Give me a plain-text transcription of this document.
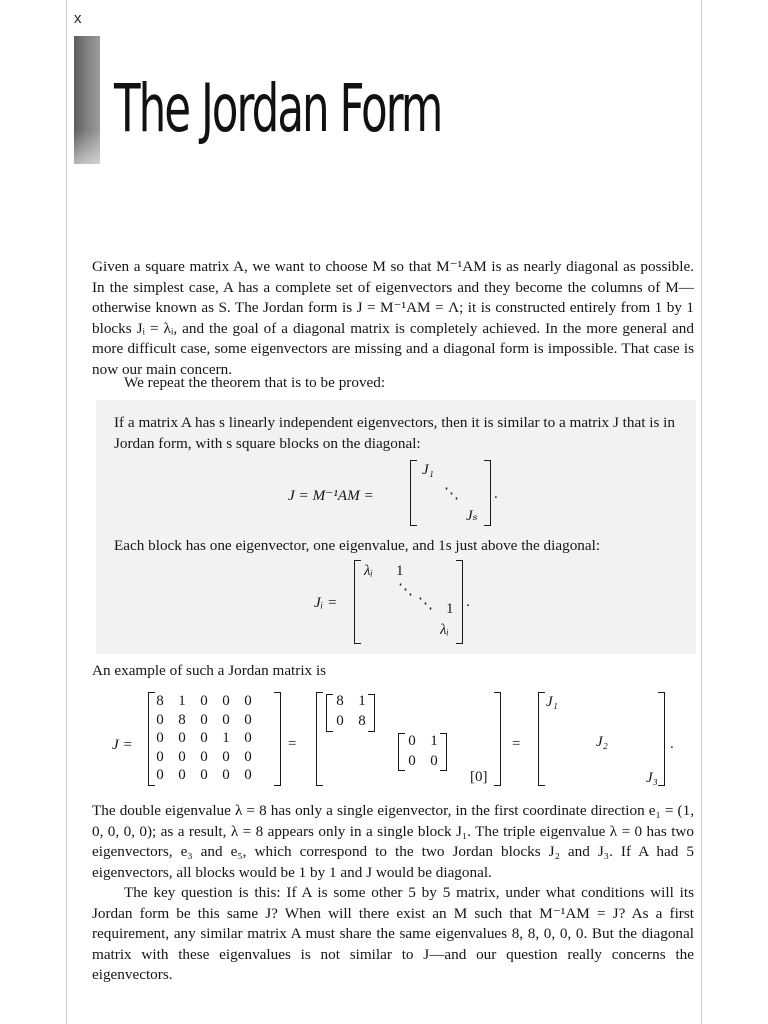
x
The Jordan Form

Given a square matrix A, we want to choose M so that M⁻¹AM is as nearly diagonal as possible. In the simplest case, A has a complete set of eigenvectors and they become the columns of M—otherwise known as S. The Jordan form is J = M⁻¹AM = Λ; it is constructed entirely from 1 by 1 blocks Jᵢ = λᵢ, and the goal of a diagonal matrix is completely achieved. In the more general and more difficult case, some eigenvectors are missing and a diagonal form is impossible. That case is now our main concern.

We repeat the theorem that is to be proved:

If a matrix A has s linearly independent eigenvectors, then it is similar to a matrix J that is in Jordan form, with s square blocks on the diagonal:

J = M⁻¹AM =
J₁
⋱
Jₛ
.

Each block has one eigenvector, one eigenvalue, and 1s just above the diagonal:

Jᵢ =
λᵢ 1
⋱
⋱ 1
λᵢ
.

An example of such a Jordan matrix is

J =
8 1 0 0 0
0 8 0 0 0
0 0 0 1 0
0 0 0 0 0
0 0 0 0 0
=
8 1
0 8
0 1
0 0
[0]
=
J₁
J₂
J₃
.

The double eigenvalue λ = 8 has only a single eigenvector, in the first coordinate direction e₁ = (1, 0, 0, 0, 0); as a result, λ = 8 appears only in a single block J₁. The triple eigenvalue λ = 0 has two eigenvectors, e₃ and e₅, which correspond to the two Jordan blocks J₂ and J₃. If A had 5 eigenvectors, all blocks would be 1 by 1 and J would be diagonal.

The key question is this: If A is some other 5 by 5 matrix, under what conditions will its Jordan form be this same J? When will there exist an M such that M⁻¹AM = J? As a first requirement, any similar matrix A must share the same eigenvalues 8, 8, 0, 0, 0. But the diagonal matrix with these eigenvalues is not similar to J—and our question really concerns the eigenvectors.
